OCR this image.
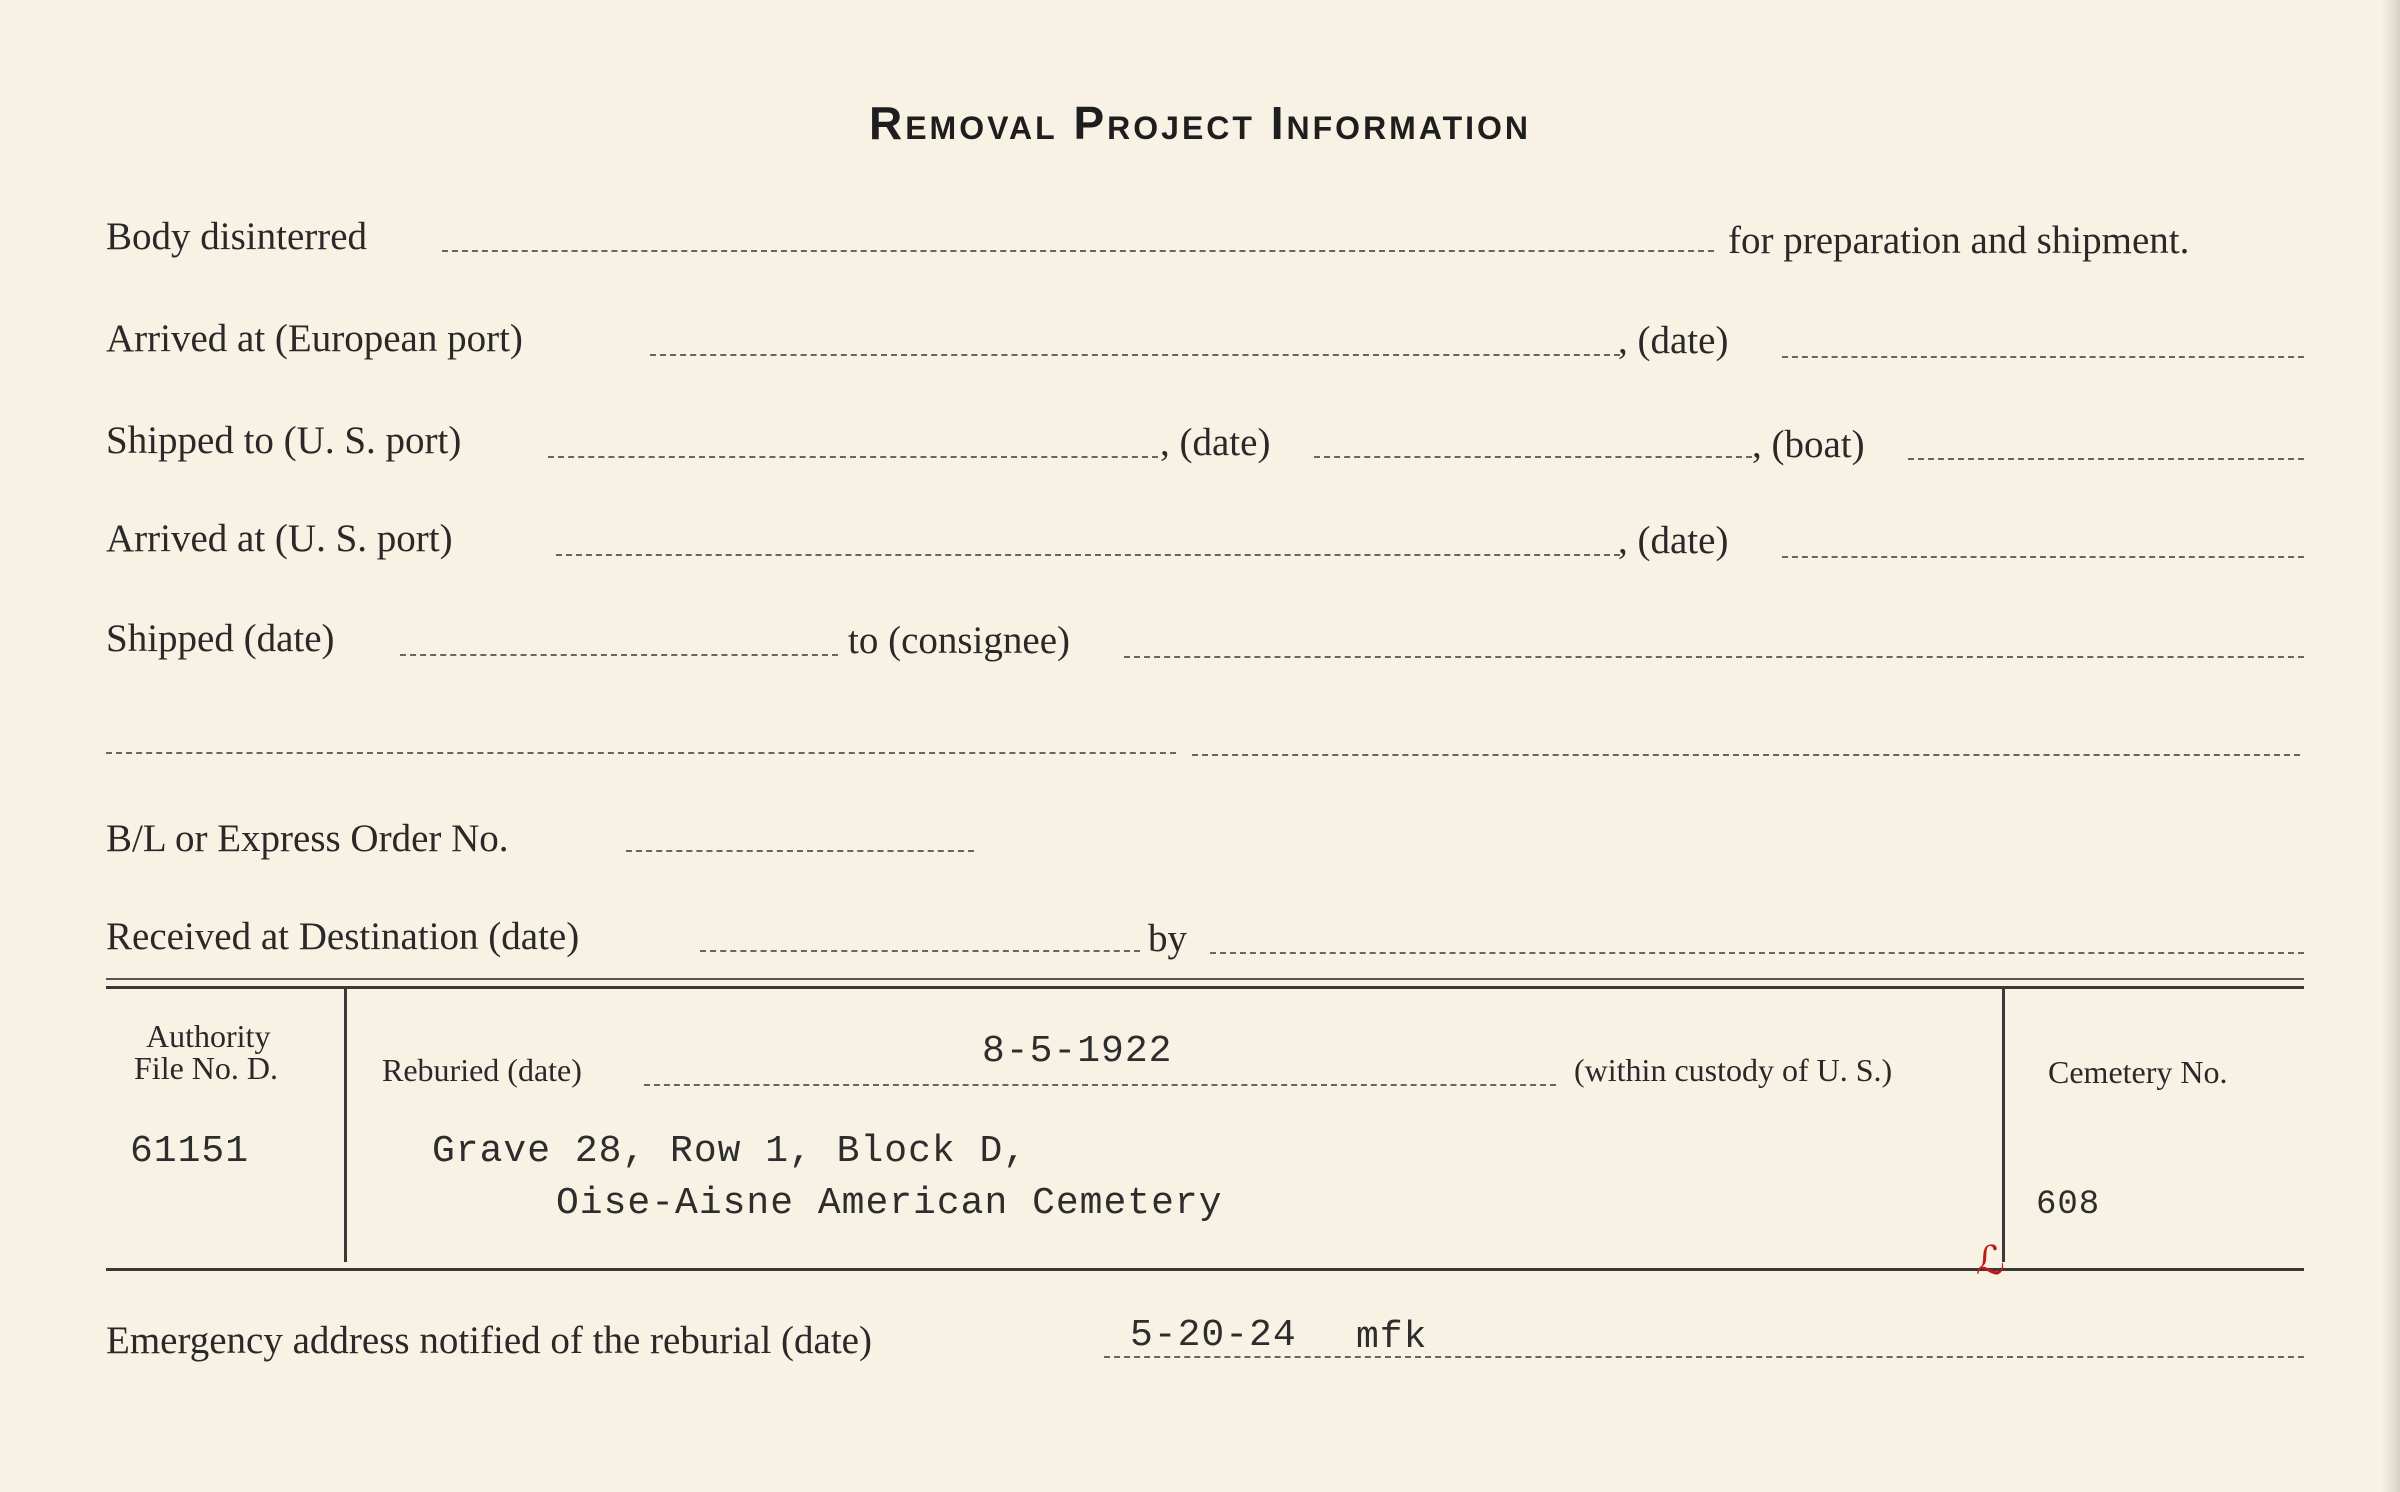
Removal Project Information
Body disinterred	for preparation and shipment.
Arrived at (European port)	, (date)
Shipped to (U. S. port)	, (date)	, (boat)
Arrived at (U. S. port)	, (date)
Shipped (date)	to (consignee)
B/L or Express Order No.
Received at Destination (date)	by
Authority
File No. D.
61151
Reburied (date)	8-5-1922	(within custody of U. S.)
Grave 28, Row 1, Block D,
Oise-Aisne American Cemetery
Cemetery No.
608
ℒ
Emergency address notified of the reburial (date)	5-20-24 mfk
